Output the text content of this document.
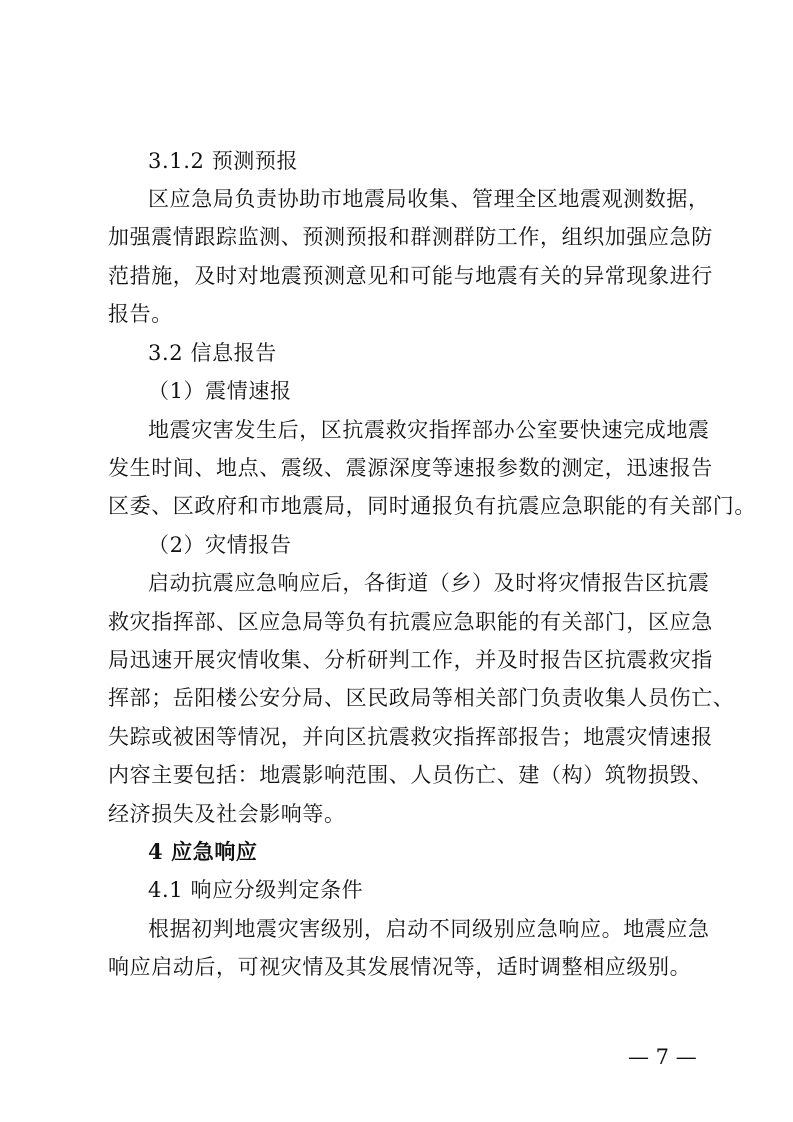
3.1.2 预测预报
区应急局负责协助市地震局收集、管理全区地震观测数据，
加强震情跟踪监测、预测预报和群测群防工作，组织加强应急防
范措施，及时对地震预测意见和可能与地震有关的异常现象进行
报告。
3.2 信息报告
（1）震情速报
地震灾害发生后，区抗震救灾指挥部办公室要快速完成地震
发生时间、地点、震级、震源深度等速报参数的测定，迅速报告
区委、区政府和市地震局，同时通报负有抗震应急职能的有关部门。
（2）灾情报告
启动抗震应急响应后，各街道（乡）及时将灾情报告区抗震
救灾指挥部、区应急局等负有抗震应急职能的有关部门，区应急
局迅速开展灾情收集、分析研判工作，并及时报告区抗震救灾指
挥部；岳阳楼公安分局、区民政局等相关部门负责收集人员伤亡、
失踪或被困等情况，并向区抗震救灾指挥部报告；地震灾情速报
内容主要包括：地震影响范围、人员伤亡、建（构）筑物损毁、
经济损失及社会影响等。
4 应急响应
4.1 响应分级判定条件
根据初判地震灾害级别，启动不同级别应急响应。地震应急
响应启动后，可视灾情及其发展情况等，适时调整相应级别。
— 7 —
